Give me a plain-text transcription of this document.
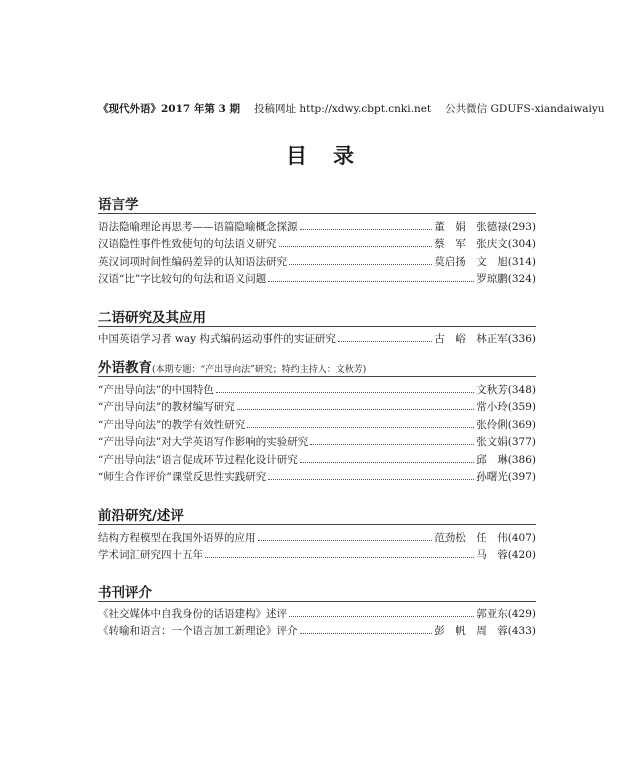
《现代外语》2017 年第 3 期 投稿网址 http://xdwy.cbpt.cnki.net 公共微信 GDUFS-xiandaiwaiyu
目录
语言学
语法隐喻理论再思考——语篇隐喻概念探源	董　娟　张德禄 (293)
汉语隐性事件性致使句的句法语义研究	蔡　军　张庆文 (304)
英汉词项时间性编码差异的认知语法研究	莫启扬　文　旭 (314)
汉语“比”字比较句的句法和语义问题	罗琼鹏 (324)
二语研究及其应用
中国英语学习者 way 构式编码运动事件的实证研究	古　峪　林正军 (336)
外语教育(本期专题：“产出导向法”研究；特约主持人：文秋芳)
“产出导向法”的中国特色	文秋芳 (348)
“产出导向法”的教材编写研究	常小玲 (359)
“产出导向法”的教学有效性研究	张伶俐 (369)
“产出导向法”对大学英语写作影响的实验研究	张文娟 (377)
“产出导向法”语言促成环节过程化设计研究	邱　琳 (386)
“师生合作评价”课堂反思性实践研究	孙曙光 (397)
前沿研究/述评
结构方程模型在我国外语界的应用	范劲松　任　伟 (407)
学术词汇研究四十五年	马　蓉 (420)
书刊评介
《社交媒体中自我身份的话语建构》述评	郭亚东 (429)
《转喻和语言：一个语言加工新理论》评介	彭　帆　周　蓉 (433)
